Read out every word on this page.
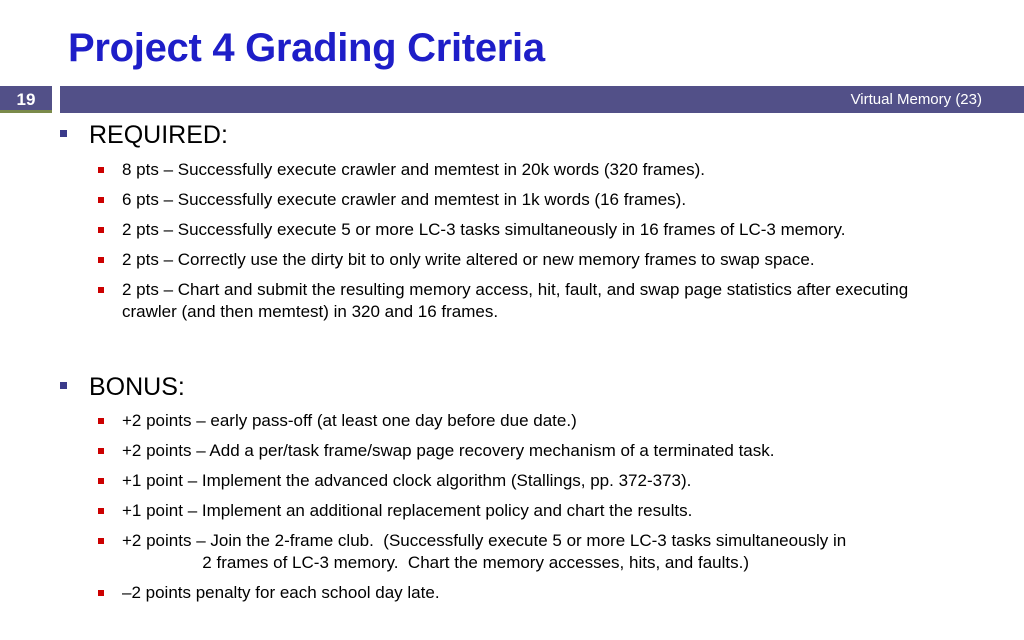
Project 4 Grading Criteria
19	Virtual Memory (23)
REQUIRED:
8 pts – Successfully execute crawler and memtest in 20k words (320 frames).
6 pts – Successfully execute crawler and memtest in 1k words (16 frames).
2 pts – Successfully execute 5 or more LC-3 tasks simultaneously in 16 frames of LC-3 memory.
2 pts – Correctly use the dirty bit to only write altered or new memory frames to swap space.
2 pts – Chart and submit the resulting memory access, hit, fault, and swap page statistics after executing crawler (and then memtest) in 320 and 16 frames.
BONUS:
+2 points – early pass-off (at least one day before due date.)
+2 points – Add a per/task frame/swap page recovery mechanism of a terminated task.
+1 point – Implement the advanced clock algorithm (Stallings, pp. 372-373).
+1 point – Implement an additional replacement policy and chart the results.
+2 points – Join the 2-frame club.  (Successfully execute 5 or more LC-3 tasks simultaneously in
2 frames of LC-3 memory.  Chart the memory accesses, hits, and faults.)
–2 points penalty for each school day late.
